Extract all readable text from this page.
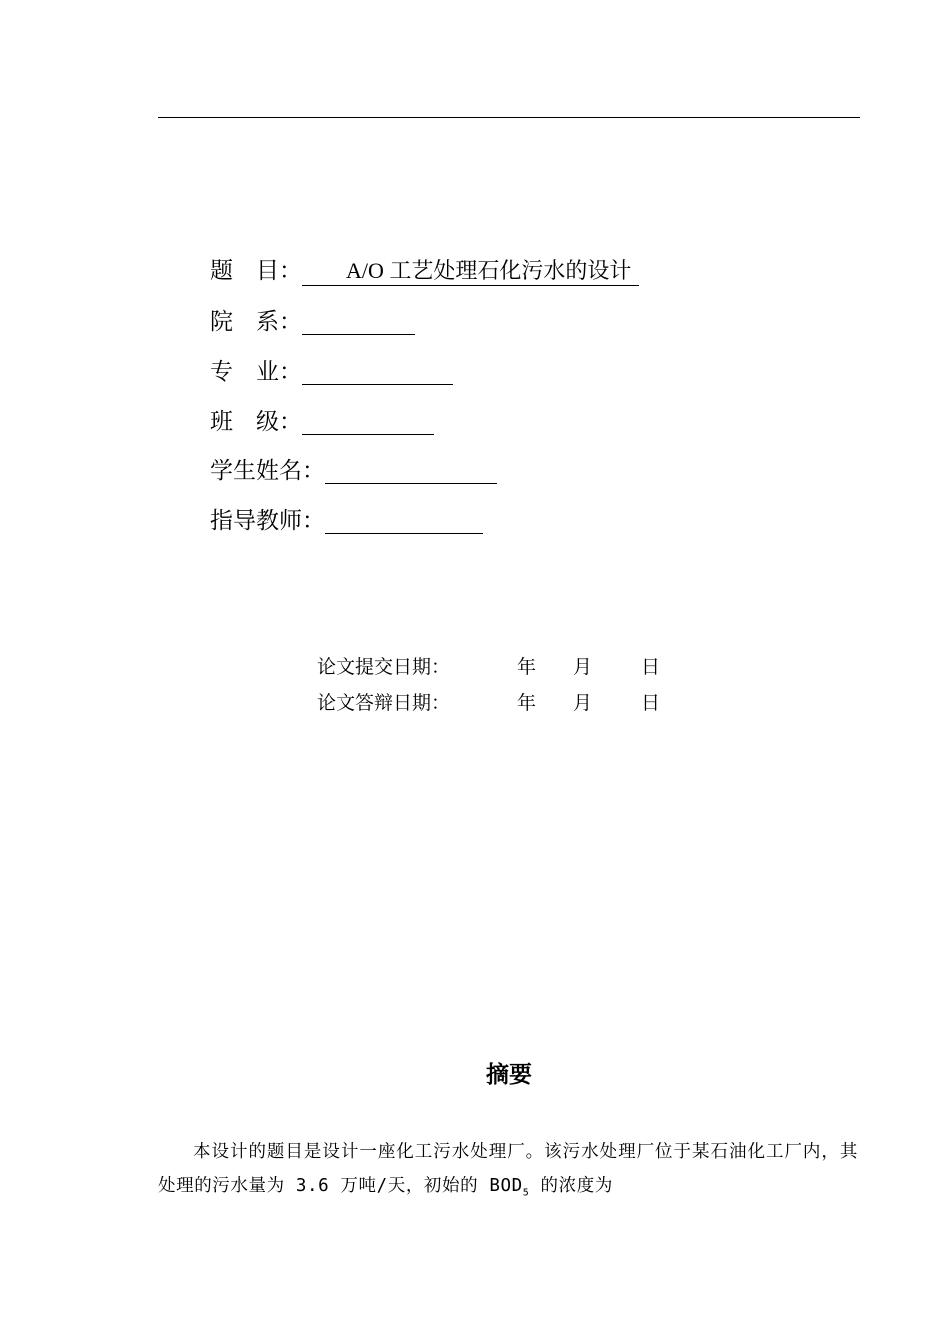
题　目：	A/O 工艺处理石化污水的设计
院　系：
专　业：
班　级：
学生姓名：
指导教师：
论文提交日期：	年 月	日
论文答辩日期：	年 月	日
摘要
本设计的题目是设计一座化工污水处理厂。该污水处理厂位于某石油化工厂内，其处理的污水量为 3.6 万吨/天，初始的 $BOD_5$ 的浓度为
